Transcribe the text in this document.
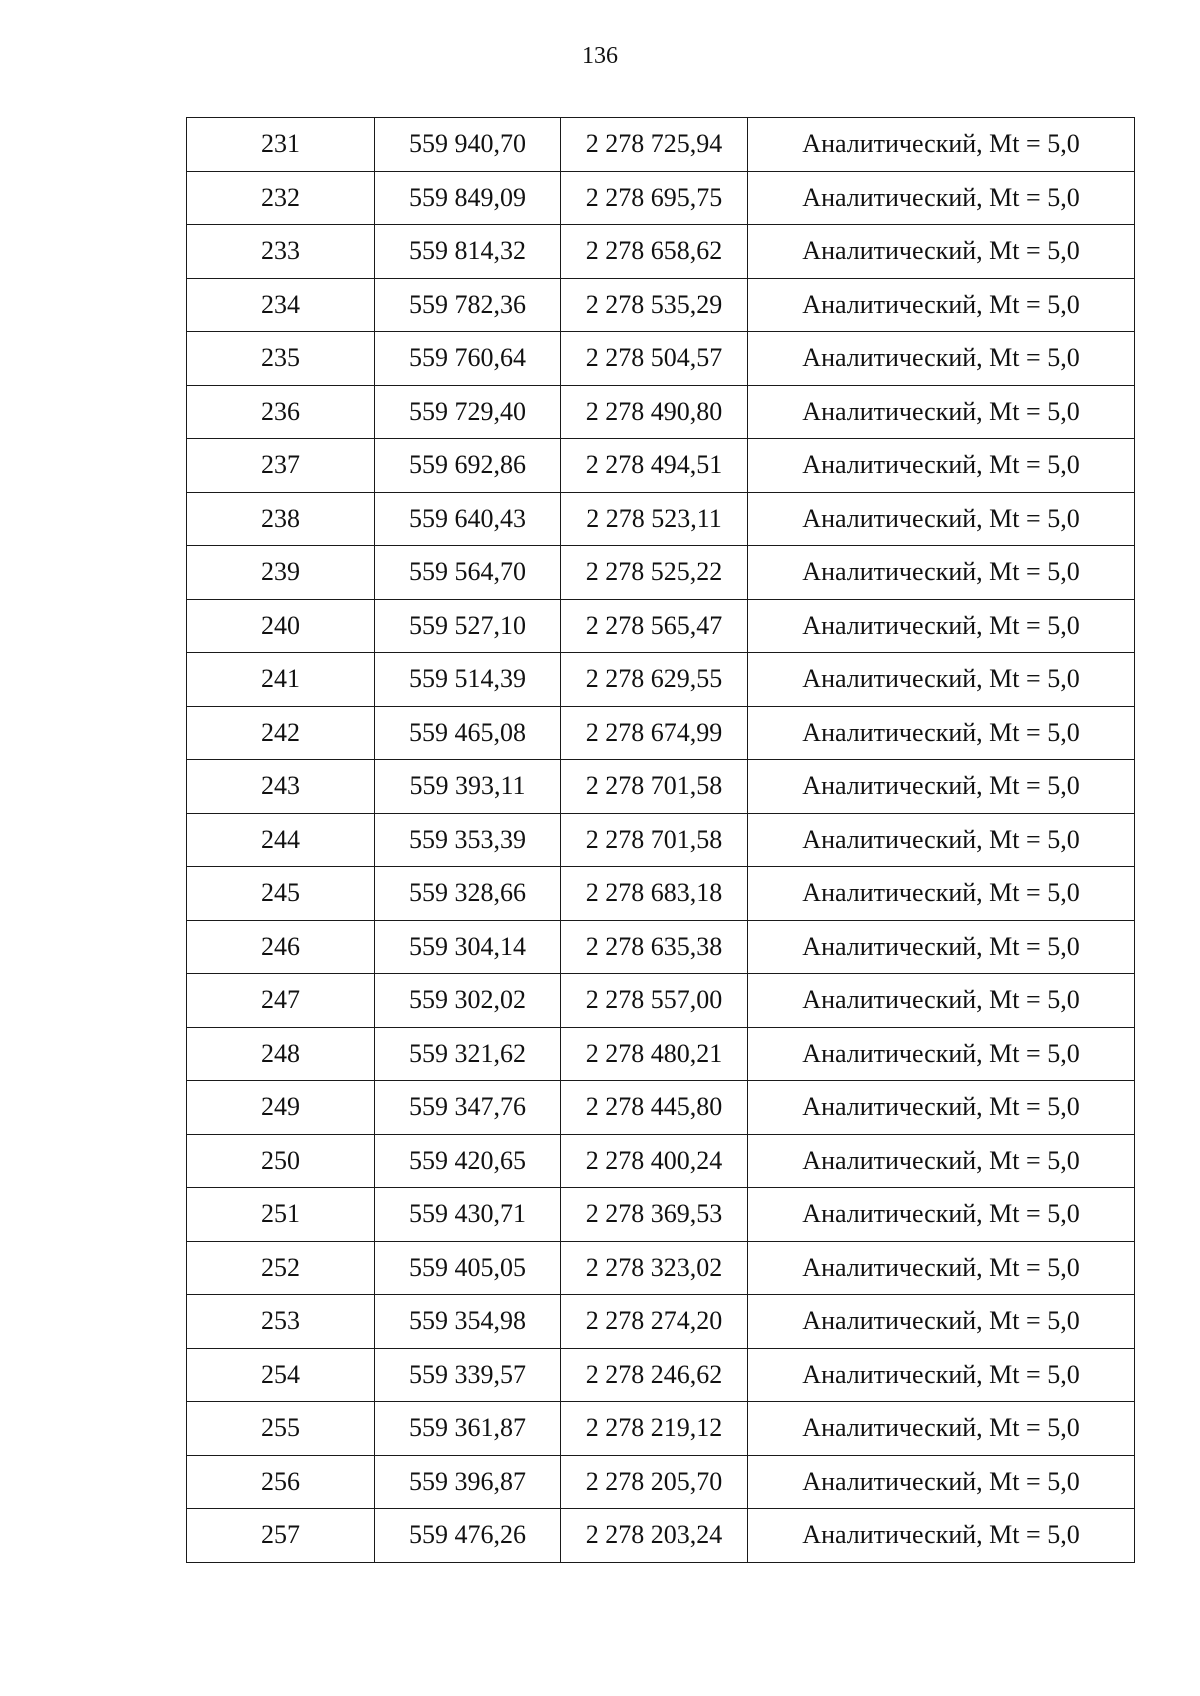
136
231	559 940,70	2 278 725,94	Аналитический, Mt = 5,0
232	559 849,09	2 278 695,75	Аналитический, Mt = 5,0
233	559 814,32	2 278 658,62	Аналитический, Mt = 5,0
234	559 782,36	2 278 535,29	Аналитический, Mt = 5,0
235	559 760,64	2 278 504,57	Аналитический, Mt = 5,0
236	559 729,40	2 278 490,80	Аналитический, Mt = 5,0
237	559 692,86	2 278 494,51	Аналитический, Mt = 5,0
238	559 640,43	2 278 523,11	Аналитический, Mt = 5,0
239	559 564,70	2 278 525,22	Аналитический, Mt = 5,0
240	559 527,10	2 278 565,47	Аналитический, Mt = 5,0
241	559 514,39	2 278 629,55	Аналитический, Mt = 5,0
242	559 465,08	2 278 674,99	Аналитический, Mt = 5,0
243	559 393,11	2 278 701,58	Аналитический, Mt = 5,0
244	559 353,39	2 278 701,58	Аналитический, Mt = 5,0
245	559 328,66	2 278 683,18	Аналитический, Mt = 5,0
246	559 304,14	2 278 635,38	Аналитический, Mt = 5,0
247	559 302,02	2 278 557,00	Аналитический, Mt = 5,0
248	559 321,62	2 278 480,21	Аналитический, Mt = 5,0
249	559 347,76	2 278 445,80	Аналитический, Mt = 5,0
250	559 420,65	2 278 400,24	Аналитический, Mt = 5,0
251	559 430,71	2 278 369,53	Аналитический, Mt = 5,0
252	559 405,05	2 278 323,02	Аналитический, Mt = 5,0
253	559 354,98	2 278 274,20	Аналитический, Mt = 5,0
254	559 339,57	2 278 246,62	Аналитический, Mt = 5,0
255	559 361,87	2 278 219,12	Аналитический, Mt = 5,0
256	559 396,87	2 278 205,70	Аналитический, Mt = 5,0
257	559 476,26	2 278 203,24	Аналитический, Mt = 5,0
